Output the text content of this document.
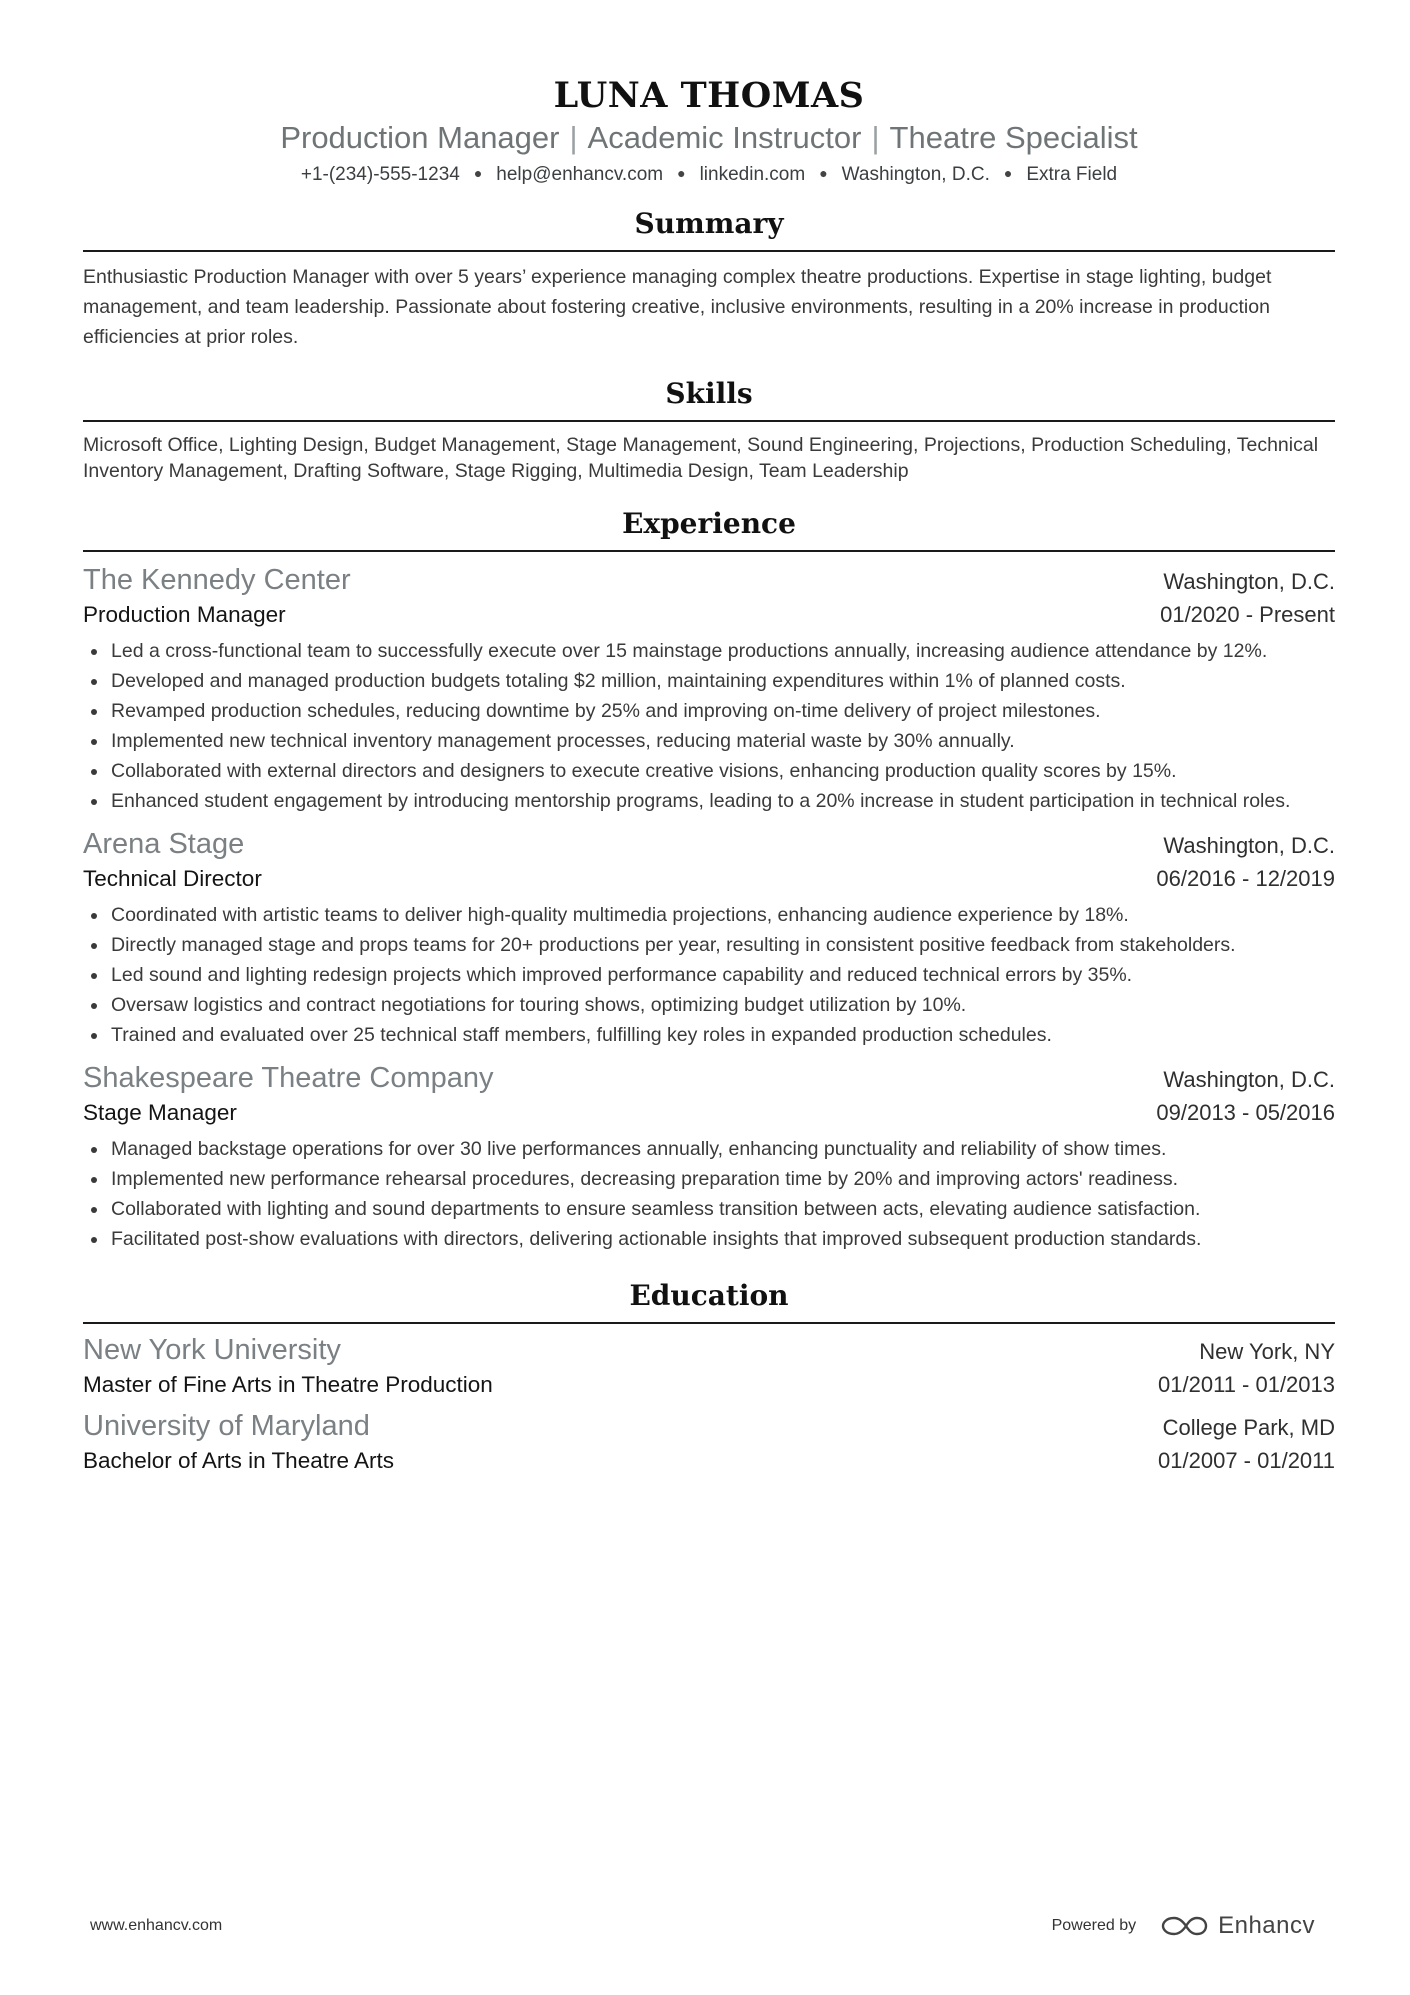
LUNA THOMAS
Production Manager | Academic Instructor | Theatre Specialist
+1-(234)-555-1234 ● help@enhancv.com ● linkedin.com ● Washington, D.C. ● Extra Field
Summary
Enthusiastic Production Manager with over 5 years’ experience managing complex theatre productions. Expertise in stage lighting, budget management, and team leadership. Passionate about fostering creative, inclusive environments, resulting in a 20% increase in production efficiencies at prior roles.
Skills
Microsoft Office, Lighting Design, Budget Management, Stage Management, Sound Engineering, Projections, Production Scheduling, Technical Inventory Management, Drafting Software, Stage Rigging, Multimedia Design, Team Leadership
Experience
The Kennedy Center	Washington, D.C.
Production Manager	01/2020 - Present
Led a cross-functional team to successfully execute over 15 mainstage productions annually, increasing audience attendance by 12%.
Developed and managed production budgets totaling $2 million, maintaining expenditures within 1% of planned costs.
Revamped production schedules, reducing downtime by 25% and improving on-time delivery of project milestones.
Implemented new technical inventory management processes, reducing material waste by 30% annually.
Collaborated with external directors and designers to execute creative visions, enhancing production quality scores by 15%.
Enhanced student engagement by introducing mentorship programs, leading to a 20% increase in student participation in technical roles.
Arena Stage	Washington, D.C.
Technical Director	06/2016 - 12/2019
Coordinated with artistic teams to deliver high-quality multimedia projections, enhancing audience experience by 18%.
Directly managed stage and props teams for 20+ productions per year, resulting in consistent positive feedback from stakeholders.
Led sound and lighting redesign projects which improved performance capability and reduced technical errors by 35%.
Oversaw logistics and contract negotiations for touring shows, optimizing budget utilization by 10%.
Trained and evaluated over 25 technical staff members, fulfilling key roles in expanded production schedules.
Shakespeare Theatre Company	Washington, D.C.
Stage Manager	09/2013 - 05/2016
Managed backstage operations for over 30 live performances annually, enhancing punctuality and reliability of show times.
Implemented new performance rehearsal procedures, decreasing preparation time by 20% and improving actors' readiness.
Collaborated with lighting and sound departments to ensure seamless transition between acts, elevating audience satisfaction.
Facilitated post-show evaluations with directors, delivering actionable insights that improved subsequent production standards.
Education
New York University	New York, NY
Master of Fine Arts in Theatre Production	01/2011 - 01/2013
University of Maryland	College Park, MD
Bachelor of Arts in Theatre Arts	01/2007 - 01/2011
www.enhancv.com	Powered by	Enhancv
